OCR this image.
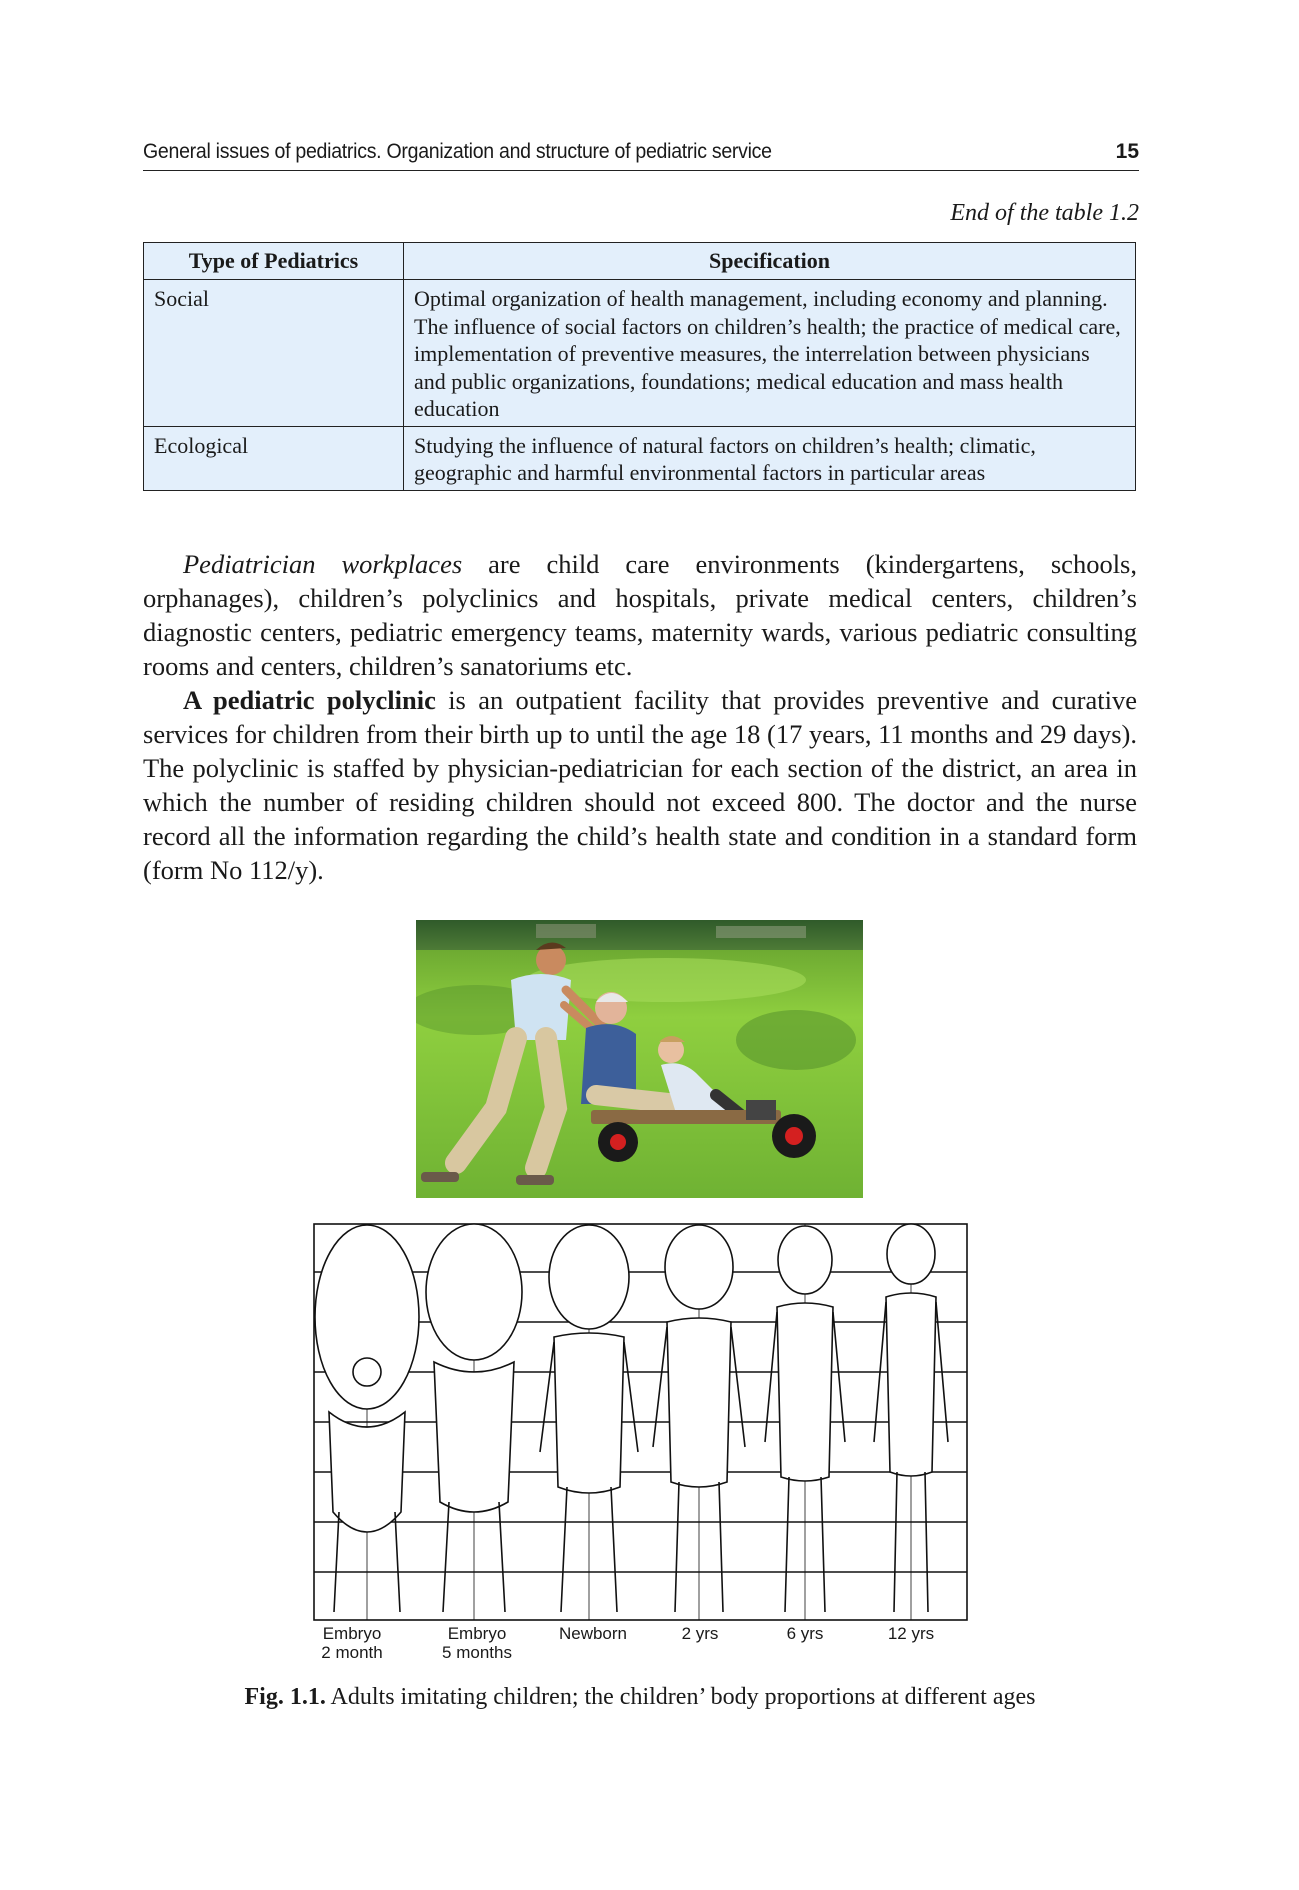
General issues of pediatrics. Organization and structure of pediatric service	15
End of the table 1.2
Type of Pediatrics	Specification
Social	Optimal organization of health management, including economy and planning.
The influence of social factors on children’s health; the practice of medical care, implementation of preventive measures, the interrelation between physicians and public organizations, foundations; medical education and mass health education

Ecological	Studying the influence of natural factors on children’s health; climatic, geographic and harmful environmental factors in particular areas

Pediatrician workplaces are child care environments (kindergartens, schools, orphanages), children’s polyclinics and hospitals, private medical centers, children’s diagnostic centers, pediatric emergency teams, maternity wards, various pediatric consulting rooms and centers, children’s sanatoriums etc.

A pediatric polyclinic is an outpatient facility that provides preventive and curative services for children from their birth up to until the age 18 (17 years, 11 months and 29 days). The polyclinic is staffed by physician-pediatrician for each section of the district, an area in which the number of residing children should not exceed 800. The doctor and the nurse record all the information regarding the child’s health state and condition in a standard form (form No 112/y).

Embryo
2 month
Embryo
5 months
Newborn	2 yrs	6 yrs	12 yrs
Fig. 1.1. Adults imitating children; the children’ body proportions at different ages
